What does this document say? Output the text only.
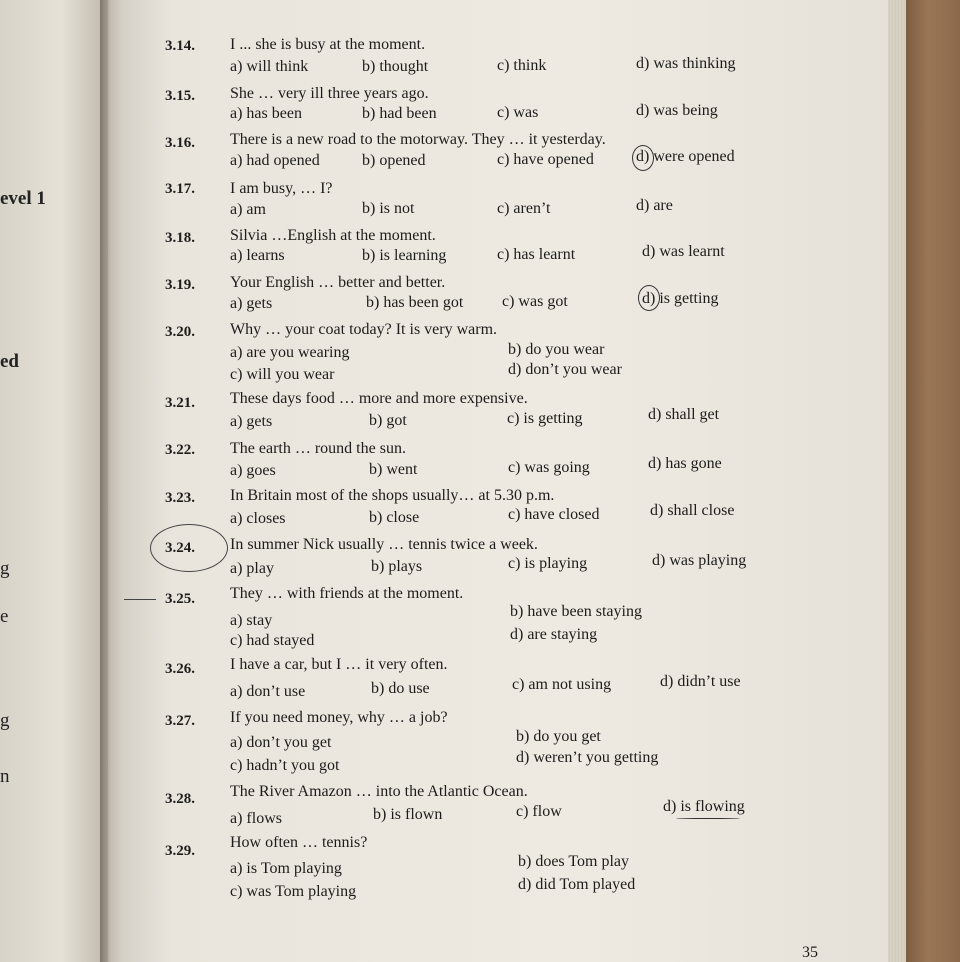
evel 1
ed
g
e
g
n
3.14. I ... she is busy at the moment.
a) will think	b) thought	c) think	d) was thinking
3.15. She … very ill three years ago.
a) has been	b) had been	c) was	d) was being
3.16. There is a new road to the motorway. They … it yesterday.
a) had opened	b) opened	c) have opened	d) were opened
3.17. I am busy, … I?
a) am	b) is not	c) aren’t	d) are
3.18. Silvia …English at the moment.
a) learns	b) is learning	c) has learnt	d) was learnt
3.19. Your English … better and better.
a) gets	b) has been got c) was got	d) is getting
3.20. Why … your coat today? It is very warm.
a) are you wearing	b) do you wear
c) will you wear	d) don’t you wear
3.21. These days food … more and more expensive.
a) gets	b) got	c) is getting	d) shall get
3.22. The earth … round the sun.
a) goes	b) went	c) was going	d) has gone
3.23. In Britain most of the shops usually… at 5.30 p.m.
a) closes	b) close	c) have closed	d) shall close
3.24. In summer Nick usually … tennis twice a week.
a) play	b) plays	c) is playing	d) was playing
3.25. They … with friends at the moment.
a) stay
b) have been staying
c) had stayed	d) are staying
3.26. I have a car, but I … it very often.
a) don’t use	b) do use	c) am not using	d) didn’t use
3.27. If you need money, why … a job?
a) don’t you get	b) do you get
c) hadn’t you got	d) weren’t you getting
3.28. The River Amazon … into the Atlantic Ocean.
a) flows	b) is flown	c) flow	d) is flowing
3.29. How often … tennis?
a) is Tom playing	b) does Tom play
c) was Tom playing	d) did Tom played
35
